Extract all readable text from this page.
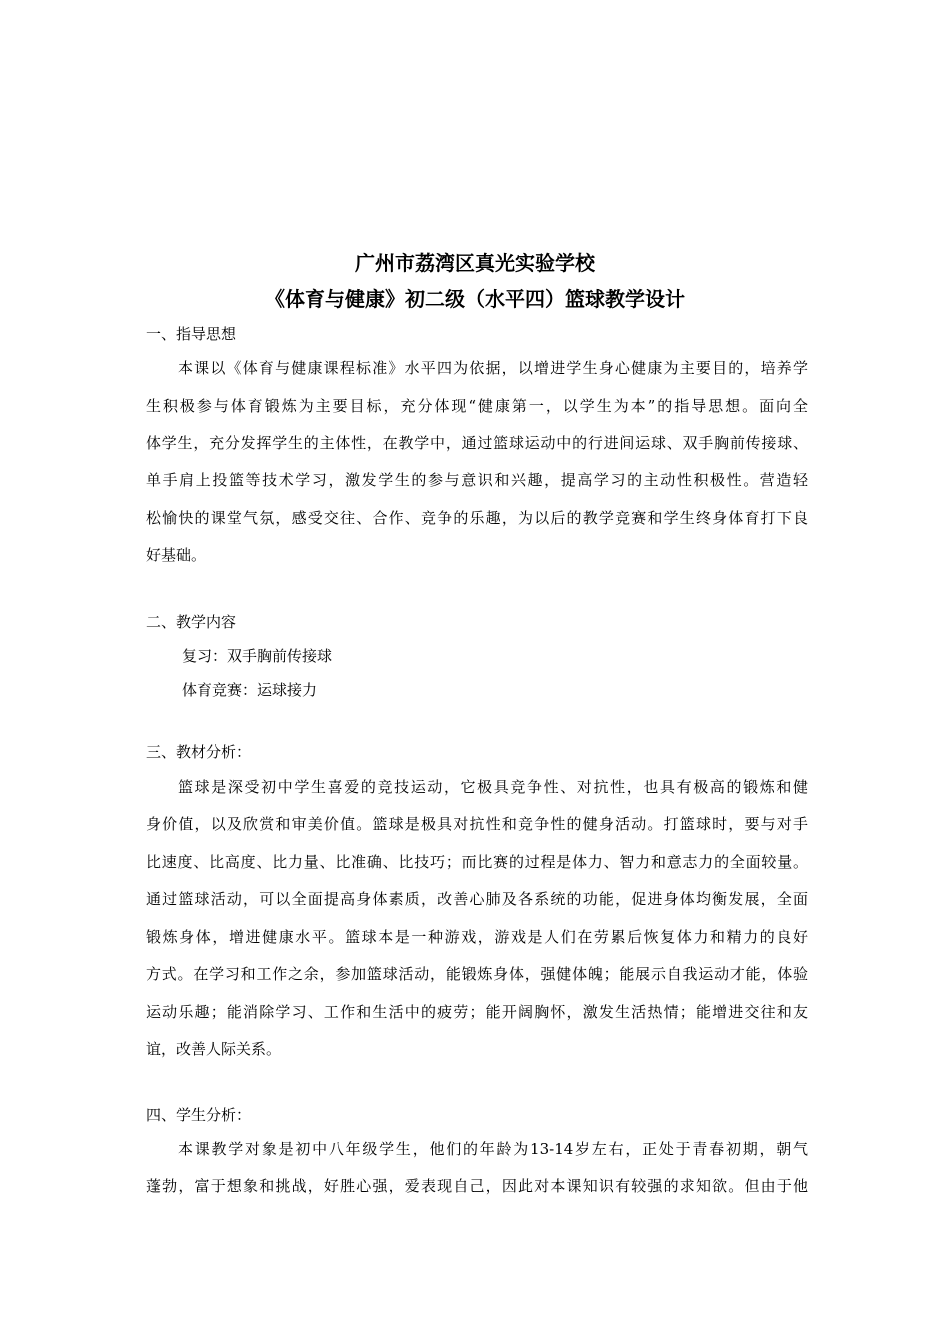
广州市荔湾区真光实验学校
《体育与健康》初二级（水平四）篮球教学设计
一、指导思想
本课以《体育与健康课程标准》水平四为依据，以增进学生身心健康为主要目的，培养学
生积极参与体育锻炼为主要目标，充分体现“健康第一，以学生为本”的指导思想。面向全
体学生，充分发挥学生的主体性，在教学中，通过篮球运动中的行进间运球、双手胸前传接球、
单手肩上投篮等技术学习，激发学生的参与意识和兴趣，提高学习的主动性积极性。营造轻
松愉快的课堂气氛，感受交往、合作、竞争的乐趣，为以后的教学竞赛和学生终身体育打下良
好基础。
二、教学内容
复习：双手胸前传接球
体育竞赛：运球接力
三、教材分析：
篮球是深受初中学生喜爱的竞技运动，它极具竞争性、对抗性，也具有极高的锻炼和健
身价值，以及欣赏和审美价值。篮球是极具对抗性和竞争性的健身活动。打篮球时，要与对手
比速度、比高度、比力量、比准确、比技巧；而比赛的过程是体力、智力和意志力的全面较量。
通过篮球活动，可以全面提高身体素质，改善心肺及各系统的功能，促进身体均衡发展，全面
锻炼身体，增进健康水平。篮球本是一种游戏，游戏是人们在劳累后恢复体力和精力的良好
方式。在学习和工作之余，参加篮球活动，能锻炼身体，强健体魄；能展示自我运动才能，体验
运动乐趣；能消除学习、工作和生活中的疲劳；能开阔胸怀，激发生活热情；能增进交往和友
谊，改善人际关系。
四、学生分析：
本课教学对象是初中八年级学生，他们的年龄为13-14岁左右，正处于青春初期，朝气
蓬勃，富于想象和挑战，好胜心强，爱表现自己，因此对本课知识有较强的求知欲。但由于他
